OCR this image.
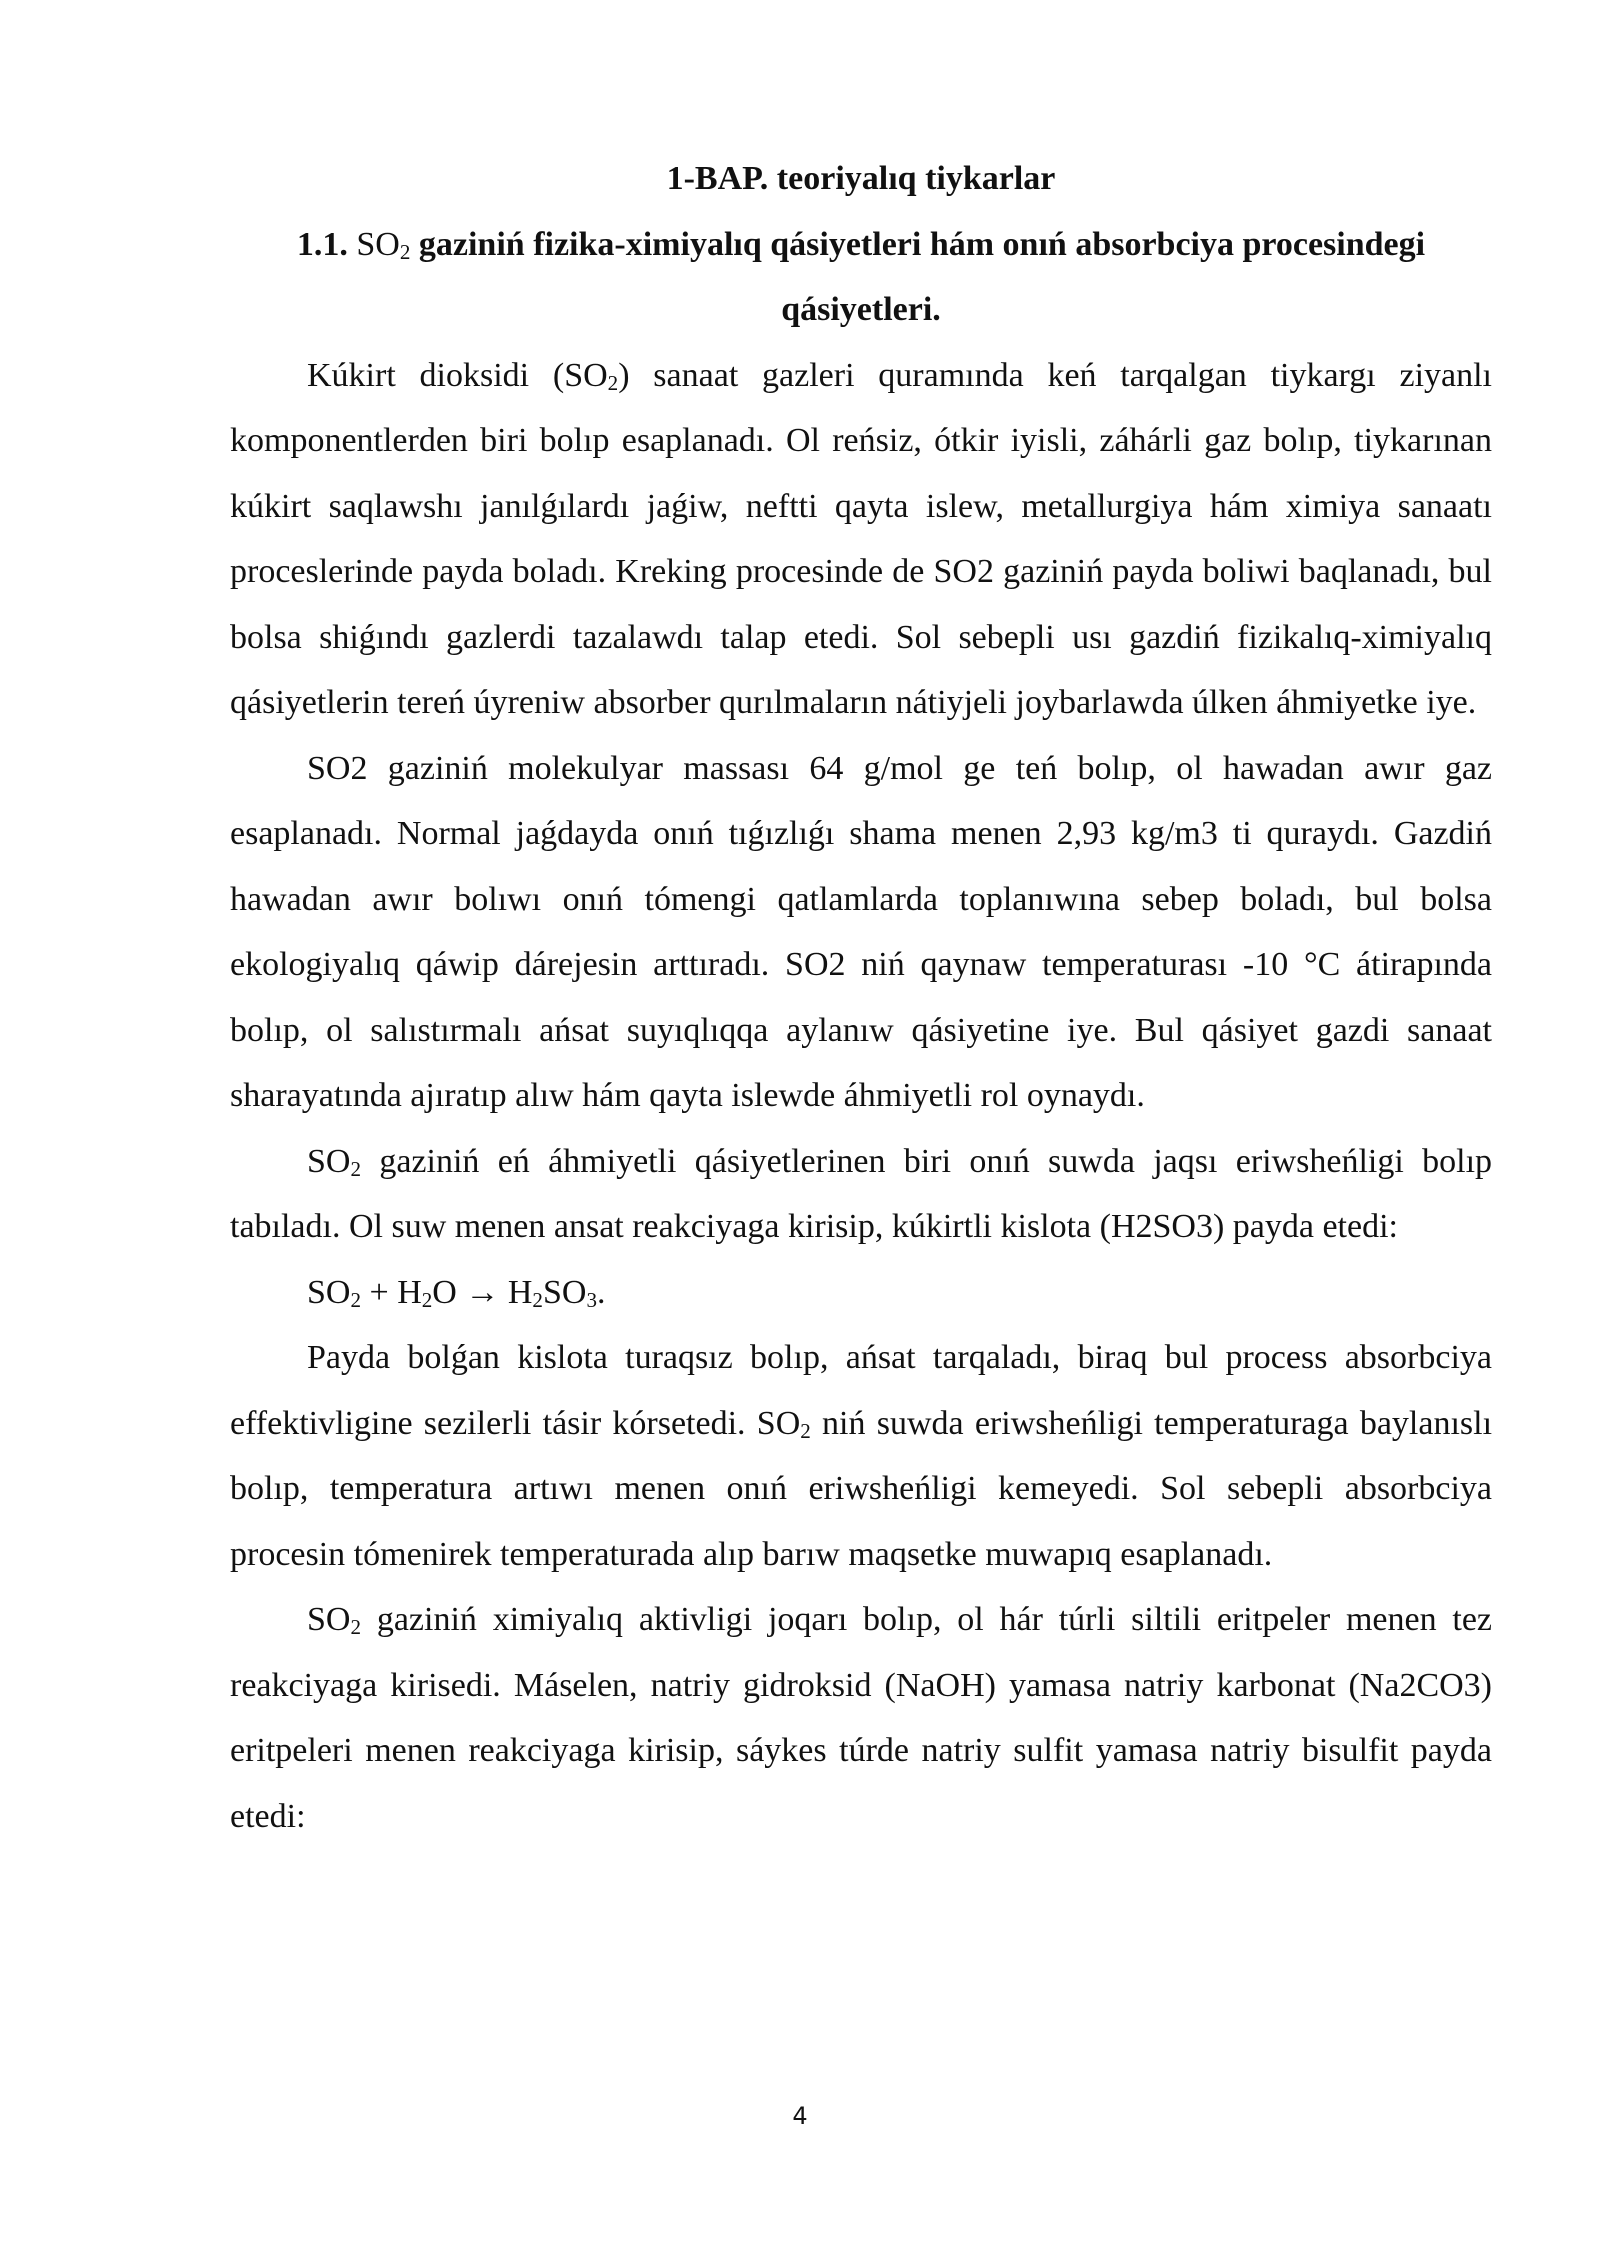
1-BAP. teoriyalıq tiykarlar

1.1. $SO_2$ gaziniń fizika-ximiyalıq qásiyetleri hám onıń absorbciya procesindegi qásiyetleri.

Kúkirt dioksidi $(SO_2)$ sanaat gazleri quramında keń tarqalgan tiykargı ziyanlı komponentlerden biri bolıp esaplanadı. Ol reńsiz, ótkir iyisli, záhárli gaz bolıp, tiykarınan kúkirt saqlawshı janılǵılardı jaǵiw, neftti qayta islew, metallurgiya hám ximiya sanaatı proceslerinde payda boladı. Kreking procesinde de SO2 gaziniń payda boliwi baqlanadı, bul bolsa shiǵındı gazlerdi tazalawdı talap etedi. Sol sebepli usı gazdiń fizikalıq-ximiyalıq qásiyetlerin tereń úyreniw absorber qurılmaların nátiyjeli joybarlawda úlken áhmiyetke iye.

SO2 gaziniń molekulyar massası 64 g/mol ge teń bolıp, ol hawadan awır gaz esaplanadı. Normal jaǵdayda onıń tıǵızlıǵı shama menen 2,93 kg/m3 ti quraydı. Gazdiń hawadan awır bolıwı onıń tómengi qatlamlarda toplanıwına sebep boladı, bul bolsa ekologiyalıq qáwip dárejesin arttıradı. SO2 niń qaynaw temperaturası -10 °C átirapında bolıp, ol salıstırmalı ańsat suyıqlıqqa aylanıw qásiyetine iye. Bul qásiyet gazdi sanaat sharayatında ajıratıp alıw hám qayta islewde áhmiyetli rol oynaydı.

$SO_2$ gaziniń eń áhmiyetli qásiyetlerinen biri onıń suwda jaqsı eriwsheńligi bolıp tabıladı. Ol suw menen ansat reakciyaga kirisip, kúkirtli kislota (H2SO3) payda etedi:

$SO_2 + H_2O \to H_2SO_3$.

Payda bolǵan kislota turaqsız bolıp, ańsat tarqaladı, biraq bul process absorbciya effektivligine sezilerli tásir kórsetedi. $SO_2$ niń suwda eriwsheńligi temperaturaga baylanıslı bolıp, temperatura artıwı menen onıń eriwsheńligi kemeyedi. Sol sebepli absorbciya procesin tómenirek temperaturada alıp barıw maqsetke muwapıq esaplanadı.

$SO_2$ gaziniń ximiyalıq aktivligi joqarı bolıp, ol hár túrli siltili eritpeler menen tez reakciyaga kirisedi. Máselen, natriy gidroksid (NaOH) yamasa natriy karbonat (Na2CO3) eritpeleri menen reakciyaga kirisip, sáykes túrde natriy sulfit yamasa natriy bisulfit payda etedi:

4
